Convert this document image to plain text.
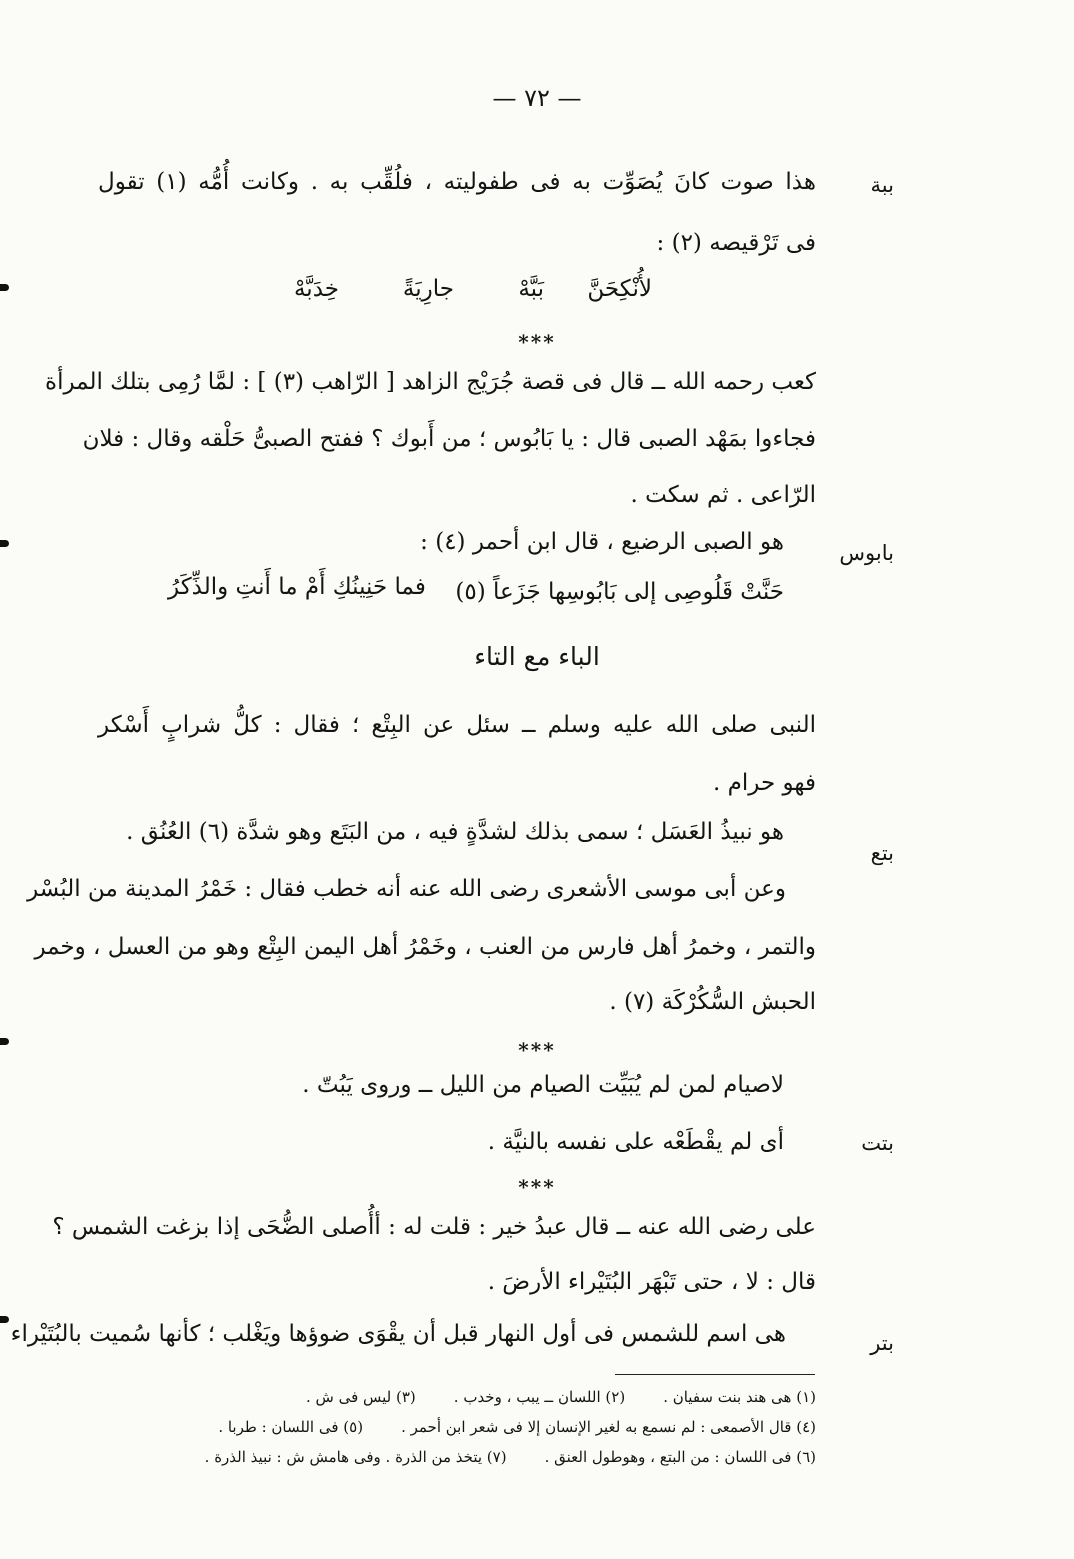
— ٧٢ —
ببة
هذا صوت كانَ يُصَوِّت به فى طفوليته ، فلُقِّب به . وكانت أُمُّه (١) تقول
فى تَرْقيصه (٢) :
لأُنْكِحَنَّ
بَبَّهْ
جارِيَةً
خِدَبَّهْ
***
كعب رحمه الله ــ قال فى قصة جُرَيْج الزاهد [ الرّاهب (٣) ] : لمَّا رُمِى بتلك المرأة
فجاءوا بمَهْد الصبى قال : يا بَابُوس ؛ من أَبوك ؟ ففتح الصبىُّ حَلْقه وقال : فلان
الرّاعى . ثم سكت .
بابوس
هو الصبى الرضيع ، قال ابن أحمر (٤) :
حَنَّتْ قَلُوصِى إلى بَابُوسِها جَزَعاً (٥)
فما حَنِينُكِ أَمْ ما أَنتِ والذِّكَرُ
الباء مع التاء
النبى صلى الله عليه وسلم ــ سئل عن البِتْع ؛ فقال : كلُّ شرابٍ أَسْكر
فهو حرام .
بتع
هو نبيذُ العَسَل ؛ سمى بذلك لشدَّةٍ فيه ، من البَتَع وهو شدَّة (٦) العُنُق .
وعن أبى موسى الأشعرى رضى الله عنه أنه خطب فقال : خَمْرُ المدينة من البُسْر
والتمر ، وخمرُ أهل فارس من العنب ، وخَمْرُ أهل اليمن البِتْع وهو من العسل ، وخمر
الحبش السُّكُرْكَة (٧) .
***
لاصيام لمن لم يُبَيِّت الصيام من الليل ــ وروى يَبُتّ .
بتت
أى لم يقْطَعْه على نفسه بالنيَّة .
***
على رضى الله عنه ــ قال عبدُ خير : قلت له : أأُصلى الضُّحَى إذا بزغت الشمس ؟
قال : لا ، حتى تَبْهَر البُتَيْراء الأرضَ .
بتر
هى اسم للشمس فى أول النهار قبل أن يقْوَى ضوؤها ويَغْلب ؛ كأنها سُميت بالبُتَيْراء
(١) هى هند بنت سفيان .(٢) اللسان ــ يبب ، وخدب .(٣) ليس فى ش .
(٤) قال الأصمعى : لم نسمع به لغير الإنسان إلا فى شعر ابن أحمر .(٥) فى اللسان : طربا .
(٦) فى اللسان : من البتع ، وهوطول العنق .(٧) يتخذ من الذرة . وفى هامش ش : نبيذ الذرة .
